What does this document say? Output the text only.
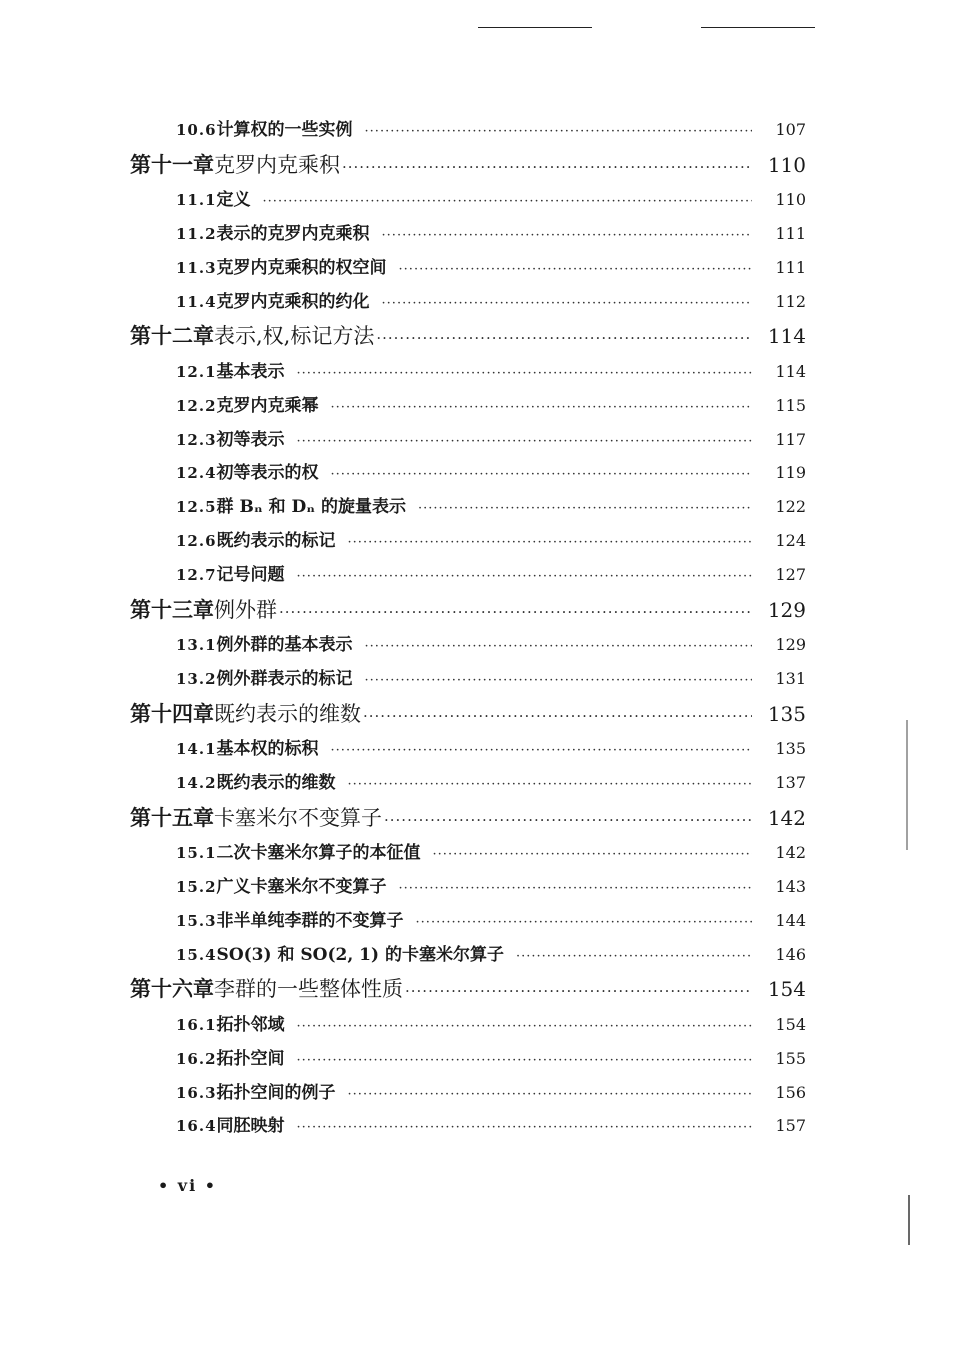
10.6 计算权的一些实例 ·····	107
第十一章 克罗内克乘积 ·····	110
11.1 定义 ·····	110
11.2 表示的克罗内克乘积 ·····	111
11.3 克罗内克乘积的权空间 ·····	111
11.4 克罗内克乘积的约化 ·····	112
第十二章 表示,权,标记方法 ·····	114
12.1 基本表示 ·····	114
12.2 克罗内克乘幂 ·····	115
12.3 初等表示 ·····	117
12.4 初等表示的权 ·····	119
12.5 群 Bₙ 和 Dₙ 的旋量表示 ·····	122
12.6 既约表示的标记 ·····	124
12.7 记号问题 ·····	127
第十三章 例外群 ·····	129
13.1 例外群的基本表示 ·····	129
13.2 例外群表示的标记 ·····	131
第十四章 既约表示的维数 ·····	135
14.1 基本权的标积 ·····	135
14.2 既约表示的维数 ·····	137
第十五章 卡塞米尔不变算子 ·····	142
15.1 二次卡塞米尔算子的本征值 ·····	142
15.2 广义卡塞米尔不变算子 ·····	143
15.3 非半单纯李群的不变算子 ·····	144
15.4 SO(3) 和 SO(2, 1) 的卡塞米尔算子 ·····	146
第十六章 李群的一些整体性质 ·····	154
16.1 拓扑邻域 ·····	154
16.2 拓扑空间 ·····	155
16.3 拓扑空间的例子 ·····	156
16.4 同胚映射 ·····	157
• vi •
